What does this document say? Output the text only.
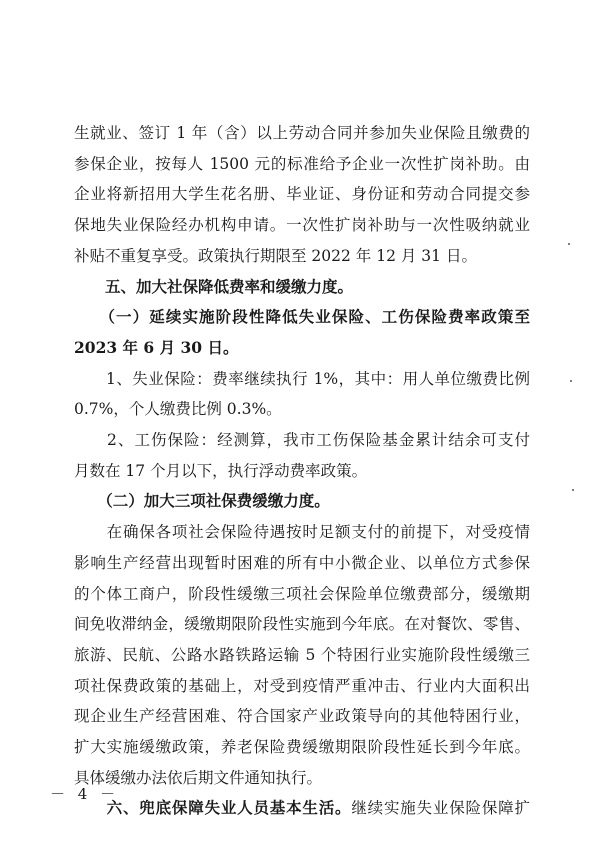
生就业、签订 1 年（含）以上劳动合同并参加失业保险且缴费的
参保企业，按每人 1500 元的标准给予企业一次性扩岗补助。由
企业将新招用大学生花名册、毕业证、身份证和劳动合同提交参
保地失业保险经办机构申请。一次性扩岗补助与一次性吸纳就业
补贴不重复享受。政策执行期限至 2022 年 12 月 31 日。
　　五、加大社保降低费率和缓缴力度。
　　（一）延续实施阶段性降低失业保险、工伤保险费率政策至
2023 年 6 月 30 日。
　　1、失业保险：费率继续执行 1%，其中：用人单位缴费比例
0.7%，个人缴费比例 0.3%。
　　2、工伤保险：经测算，我市工伤保险基金累计结余可支付
月数在 17 个月以下，执行浮动费率政策。
　　（二）加大三项社保费缓缴力度。
　　在确保各项社会保险待遇按时足额支付的前提下，对受疫情
影响生产经营出现暂时困难的所有中小微企业、以单位方式参保
的个体工商户，阶段性缓缴三项社会保险单位缴费部分，缓缴期
间免收滞纳金，缓缴期限阶段性实施到今年底。在对餐饮、零售、
旅游、民航、公路水路铁路运输 5 个特困行业实施阶段性缓缴三
项社保费政策的基础上，对受到疫情严重冲击、行业内大面积出
现企业生产经营困难、符合国家产业政策导向的其他特困行业，
扩大实施缓缴政策，养老保险费缓缴期限阶段性延长到今年底。
具体缓缴办法依后期文件通知执行。
　　六、兜底保障失业人员基本生活。继续实施失业保险保障扩
－ 4 －
